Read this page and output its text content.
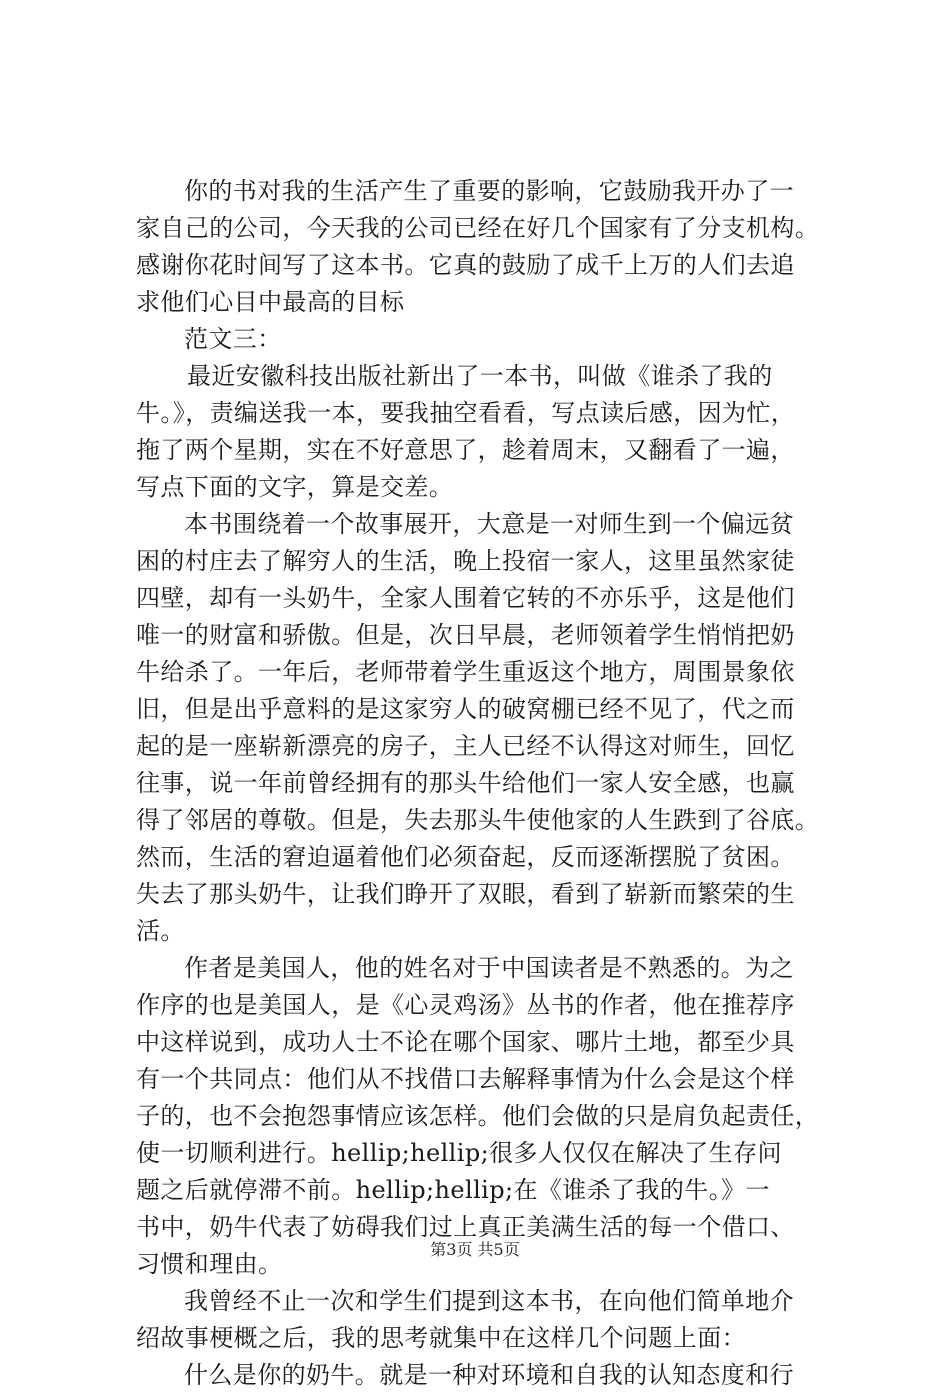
你的书对我的生活产生了重要的影响，它鼓励我开办了一
家自己的公司，今天我的公司已经在好几个国家有了分支机构。
感谢你花时间写了这本书。它真的鼓励了成千上万的人们去追
求他们心目中最高的目标
范文三：
最近安徽科技出版社新出了一本书，叫做《谁杀了我的
牛。》，责编送我一本，要我抽空看看，写点读后感，因为忙，
拖了两个星期，实在不好意思了，趁着周末，又翻看了一遍，
写点下面的文字，算是交差。
本书围绕着一个故事展开，大意是一对师生到一个偏远贫
困的村庄去了解穷人的生活，晚上投宿一家人，这里虽然家徒
四壁，却有一头奶牛，全家人围着它转的不亦乐乎，这是他们
唯一的财富和骄傲。但是，次日早晨，老师领着学生悄悄把奶
牛给杀了。一年后，老师带着学生重返这个地方，周围景象依
旧，但是出乎意料的是这家穷人的破窝棚已经不见了，代之而
起的是一座崭新漂亮的房子，主人已经不认得这对师生，回忆
往事，说一年前曾经拥有的那头牛给他们一家人安全感，也赢
得了邻居的尊敬。但是，失去那头牛使他家的人生跌到了谷底。
然而，生活的窘迫逼着他们必须奋起，反而逐渐摆脱了贫困。
失去了那头奶牛，让我们睁开了双眼，看到了崭新而繁荣的生
活。
作者是美国人，他的姓名对于中国读者是不熟悉的。为之
作序的也是美国人，是《心灵鸡汤》丛书的作者，他在推荐序
中这样说到，成功人士不论在哪个国家、哪片土地，都至少具
有一个共同点：他们从不找借口去解释事情为什么会是这个样
子的，也不会抱怨事情应该怎样。他们会做的只是肩负起责任，
使一切顺利进行。hellip;hellip;很多人仅仅在解决了生存问
题之后就停滞不前。hellip;hellip;在《谁杀了我的牛。》一
书中，奶牛代表了妨碍我们过上真正美满生活的每一个借口、
习惯和理由。
我曾经不止一次和学生们提到这本书，在向他们简单地介
绍故事梗概之后，我的思考就集中在这样几个问题上面：
什么是你的奶牛。就是一种对环境和自我的认知态度和行
第3页 共5页
